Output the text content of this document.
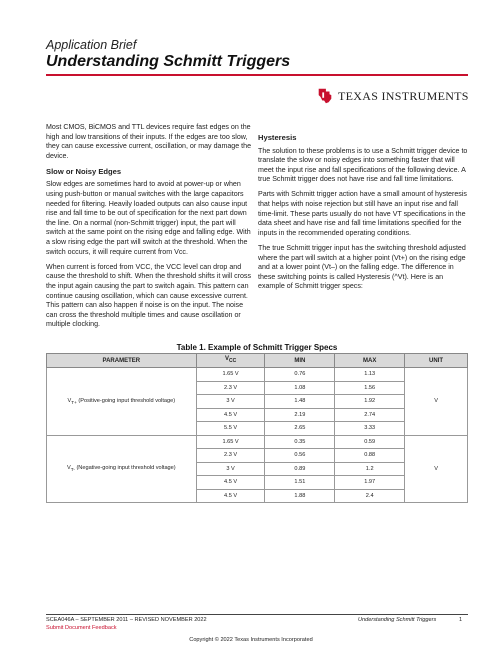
Application Brief
Understanding Schmitt Triggers
TEXAS INSTRUMENTS

Most CMOS, BiCMOS and TTL devices require fast edges on the high and low transitions of their inputs. If the edges are too slow, they can cause excessive current, oscillation, or may damage the device.

Slow or Noisy Edges

Slow edges are sometimes hard to avoid at power-up or when using push-button or manual switches with the large capacitors needed for filtering. Heavily loaded outputs can also cause input rise and fall time to be out of specification for the next part down the line. On a normal (non-Schmitt trigger) input, the part will switch at the same point on the rising edge and falling edge. With a slow rising edge the part will switch at the threshold. When the switch occurs, it will require current from Vcc.

When current is forced from VCC, the VCC level can drop and cause the threshold to shift. When the threshold shifts it will cross the input again causing the part to switch again. This pattern can continue causing oscillation, which can cause excessive current. This pattern can also happen if noise is on the input. The noise can cross the threshold multiple times and cause oscillation or multiple clocking.

Hysteresis

The solution to these problems is to use a Schmitt trigger device to translate the slow or noisy edges into something faster that will meet the input rise and fall specifications of the following device. A true Schmitt trigger does not have rise and fall time limitations.

Parts with Schmitt trigger action have a small amount of hysteresis that helps with noise rejection but still have an input rise and fall time-limit. These parts usually do not have VT specifications in the data sheet and have rise and fall time limitations specified for the inputs in the recommended operating conditions.

The true Schmitt trigger input has the switching threshold adjusted where the part will switch at a higher point (Vt+) on the rising edge and at a lower point (Vt–) on the falling edge. The difference in these switching points is called Hysteresis (^Vt). Here is an example of Schmitt trigger specs:

Table 1. Example of Schmitt Trigger Specs
PARAMETER	$V_{CC}$	MIN	MAX	UNIT
$V_{T+}$ (Positive-going input threshold voltage)	1.65 V	0.76	1.13	V
	2.3 V	1.08	1.56	
	3 V	1.48	1.92	
	4.5 V	2.19	2.74	
	5.5 V	2.65	3.33	
$V_{T-}$ (Negative-going input threshold voltage)	1.65 V	0.35	0.59	V
	2.3 V	0.56	0.88	
	3 V	0.89	1.2	
	4.5 V	1.51	1.97	
	4.5 V	1.88	2.4	
SCEA046A – SEPTEMBER 2011 – REVISED NOVEMBER 2022
Submit Document Feedback
Understanding Schmitt Triggers	1
Copyright © 2022 Texas Instruments Incorporated
